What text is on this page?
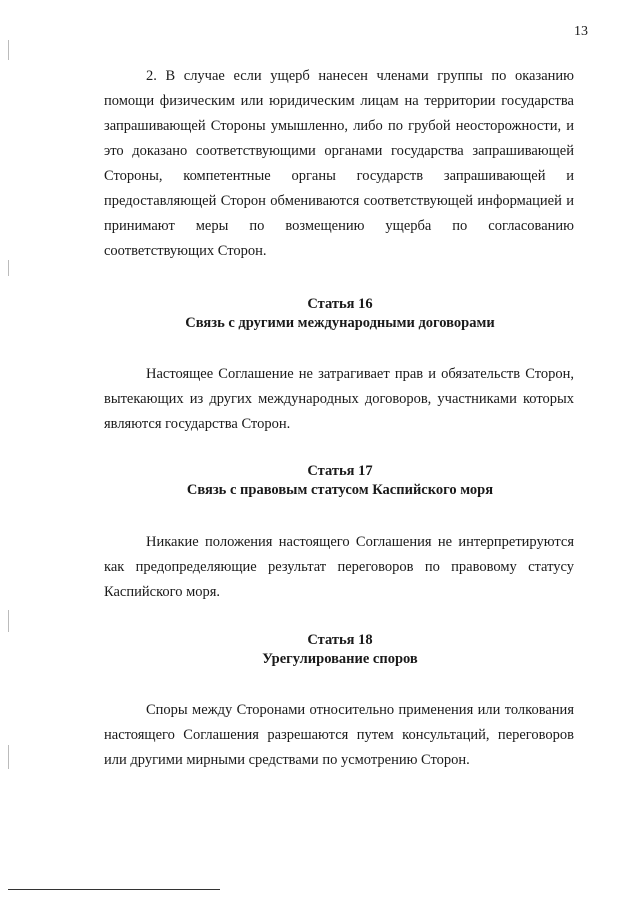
13

2. В случае если ущерб нанесен членами группы по оказанию помощи физическим или юридическим лицам на территории государства запрашивающей Стороны умышленно, либо по грубой неосторожности, и это доказано соответствующими органами государства запрашивающей Стороны, компетентные органы государств запрашивающей и предоставляющей Сторон обмениваются соответствующей информацией и принимают меры по возмещению ущерба по согласованию соответствующих Сторон.

Статья 16
Связь с другими международными договорами

Настоящее Соглашение не затрагивает прав и обязательств Сторон, вытекающих из других международных договоров, участниками которых являются государства Сторон.

Статья 17
Связь с правовым статусом Каспийского моря

Никакие положения настоящего Соглашения не интерпретируются как предопределяющие результат переговоров по правовому статусу Каспийского моря.

Статья 18
Урегулирование споров

Споры между Сторонами относительно применения или толкования настоящего Соглашения разрешаются путем консультаций, переговоров или другими мирными средствами по усмотрению Сторон.
